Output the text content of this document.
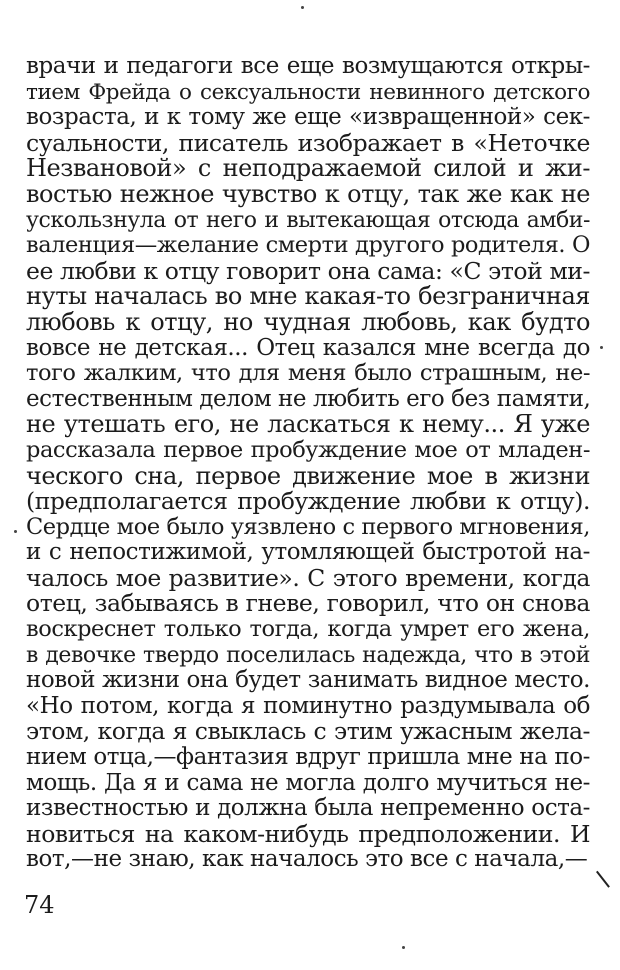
врачи и педагоги все еще возмущаются откры-
тием Фрейда о сексуальности невинного детского
возраста, и к тому же еще «извращенной» сек-
суальности, писатель изображает в «Неточке
Незвановой» с неподражаемой силой и жи-
востью нежное чувство к отцу, так же как не
ускользнула от него и вытекающая отсюда амби-
валенция—желание смерти другого родителя. О
ее любви к отцу говорит она сама: «С этой ми-
нуты началась во мне какая-то безграничная
любовь к отцу, но чудная любовь, как будто
вовсе не детская... Отец казался мне всегда до
того жалким, что для меня было страшным, не-
естественным делом не любить его без памяти,
не утешать его, не ласкаться к нему... Я уже
рассказала первое пробуждение мое от младен-
ческого сна, первое движение мое в жизни
(предполагается пробуждение любви к отцу).
Сердце мое было уязвлено с первого мгновения,
и с непостижимой, утомляющей быстротой на-
чалось мое развитие». С этого времени, когда
отец, забываясь в гневе, говорил, что он снова
воскреснет только тогда, когда умрет его жена,
в девочке твердо поселилась надежда, что в этой
новой жизни она будет занимать видное место.
«Но потом, когда я поминутно раздумывала об
этом, когда я свыклась с этим ужасным жела-
нием отца,—фантазия вдруг пришла мне на по-
мощь. Да я и сама не могла долго мучиться не-
известностью и должна была непременно оста-
новиться на каком-нибудь предположении. И
вот,—не знаю, как началось это все с начала,—
74
